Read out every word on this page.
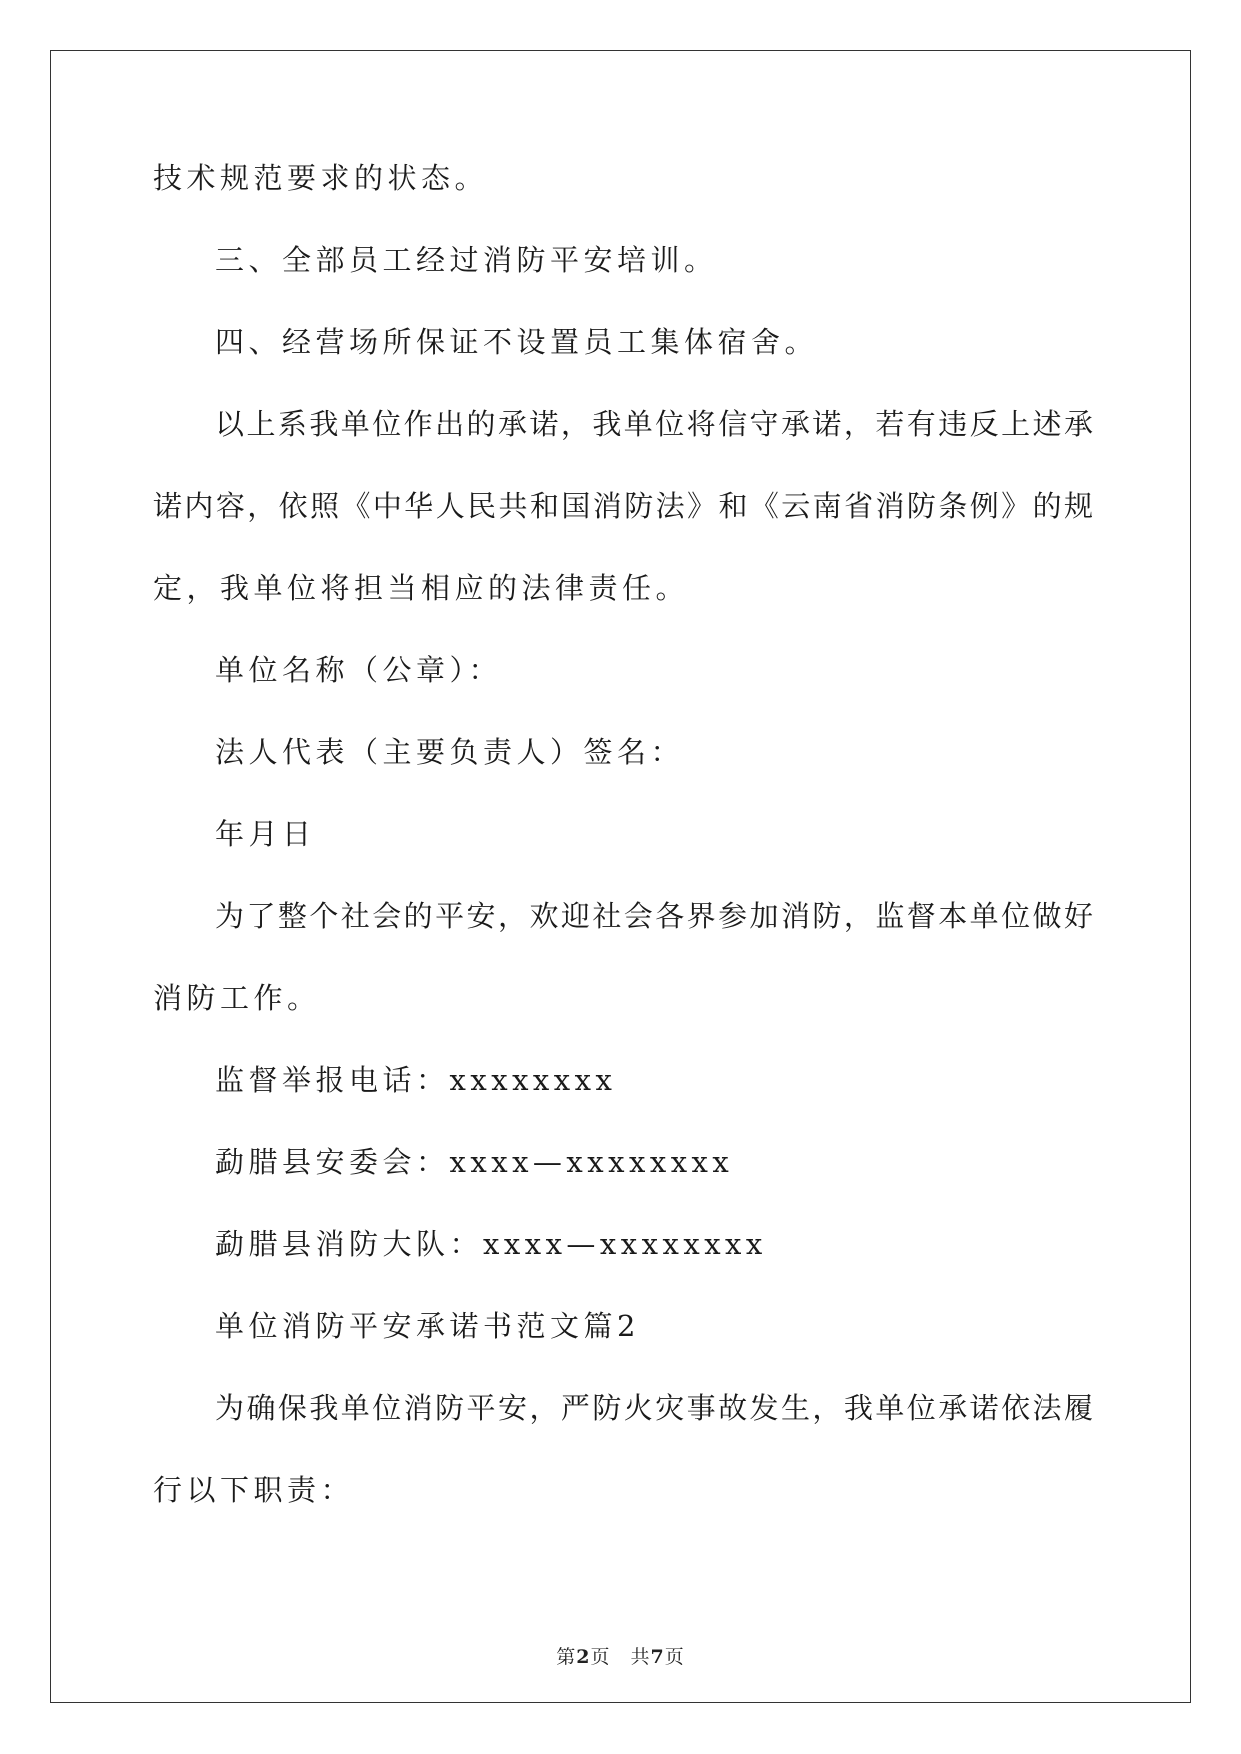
技术规范要求的状态。
三、全部员工经过消防平安培训。
四、经营场所保证不设置员工集体宿舍。
以上系我单位作出的承诺，我单位将信守承诺，若有违反上述承
诺内容，依照《中华人民共和国消防法》和《云南省消防条例》的规
定，我单位将担当相应的法律责任。
单位名称（公章）：
法人代表（主要负责人）签名：
年月日
为了整个社会的平安，欢迎社会各界参加消防，监督本单位做好
消防工作。
监督举报电话：xxxxxxxx
勐腊县安委会：xxxx—xxxxxxxx
勐腊县消防大队：xxxx—xxxxxxxx
单位消防平安承诺书范文篇2
为确保我单位消防平安，严防火灾事故发生，我单位承诺依法履
行以下职责：
第2页　共7页
